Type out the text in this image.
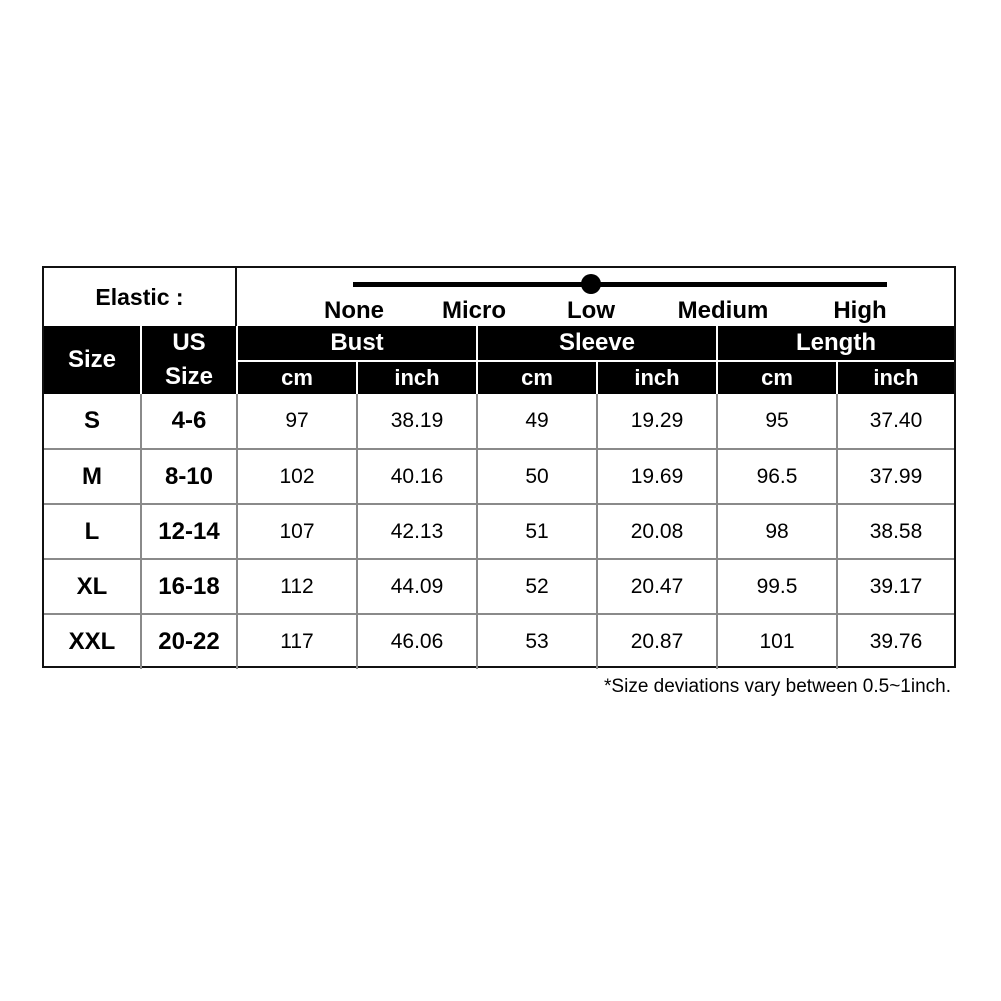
Elastic :
None Micro	Low	Medium	High
Size	US Size	Bust		Sleeve		Length	
		cm	inch	cm	inch	cm	inch
S	4-6	97	38.19	49	19.29	95	37.40
M	8-10	102	40.16	50	19.69	96.5	37.99
L	12-14	107	42.13	51	20.08	98	38.58
XL	16-18	112	44.09	52	20.47	99.5	39.17
XXL	20-22	117	46.06	53	20.87	101	39.76
*Size deviations vary between 0.5~1inch.
